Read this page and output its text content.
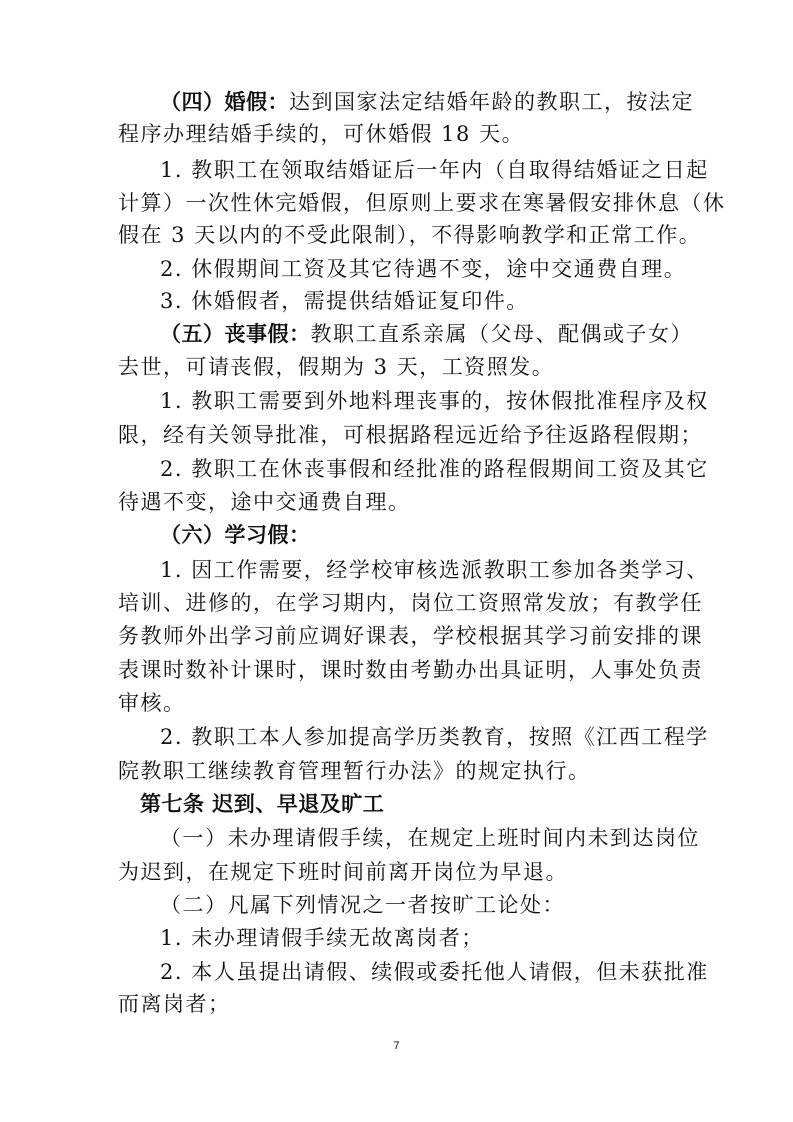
（四）婚假：达到国家法定结婚年龄的教职工，按法定
程序办理结婚手续的，可休婚假 18 天。
1. 教职工在领取结婚证后一年内（自取得结婚证之日起
计算）一次性休完婚假，但原则上要求在寒暑假安排休息（休
假在 3 天以内的不受此限制），不得影响教学和正常工作。
2. 休假期间工资及其它待遇不变，途中交通费自理。
3. 休婚假者，需提供结婚证复印件。
（五）丧事假：教职工直系亲属（父母、配偶或子女）
去世，可请丧假，假期为 3 天，工资照发。
1. 教职工需要到外地料理丧事的，按休假批准程序及权
限，经有关领导批准，可根据路程远近给予往返路程假期；
2. 教职工在休丧事假和经批准的路程假期间工资及其它
待遇不变，途中交通费自理。
（六）学习假：
1. 因工作需要，经学校审核选派教职工参加各类学习、
培训、进修的，在学习期内，岗位工资照常发放；有教学任
务教师外出学习前应调好课表，学校根据其学习前安排的课
表课时数补计课时，课时数由考勤办出具证明，人事处负责
审核。
2. 教职工本人参加提高学历类教育，按照《江西工程学
院教职工继续教育管理暂行办法》的规定执行。
第七条 迟到、早退及旷工
（一）未办理请假手续，在规定上班时间内未到达岗位
为迟到，在规定下班时间前离开岗位为早退。
（二）凡属下列情况之一者按旷工论处：
1. 未办理请假手续无故离岗者；
2. 本人虽提出请假、续假或委托他人请假，但未获批准
而离岗者；
7
